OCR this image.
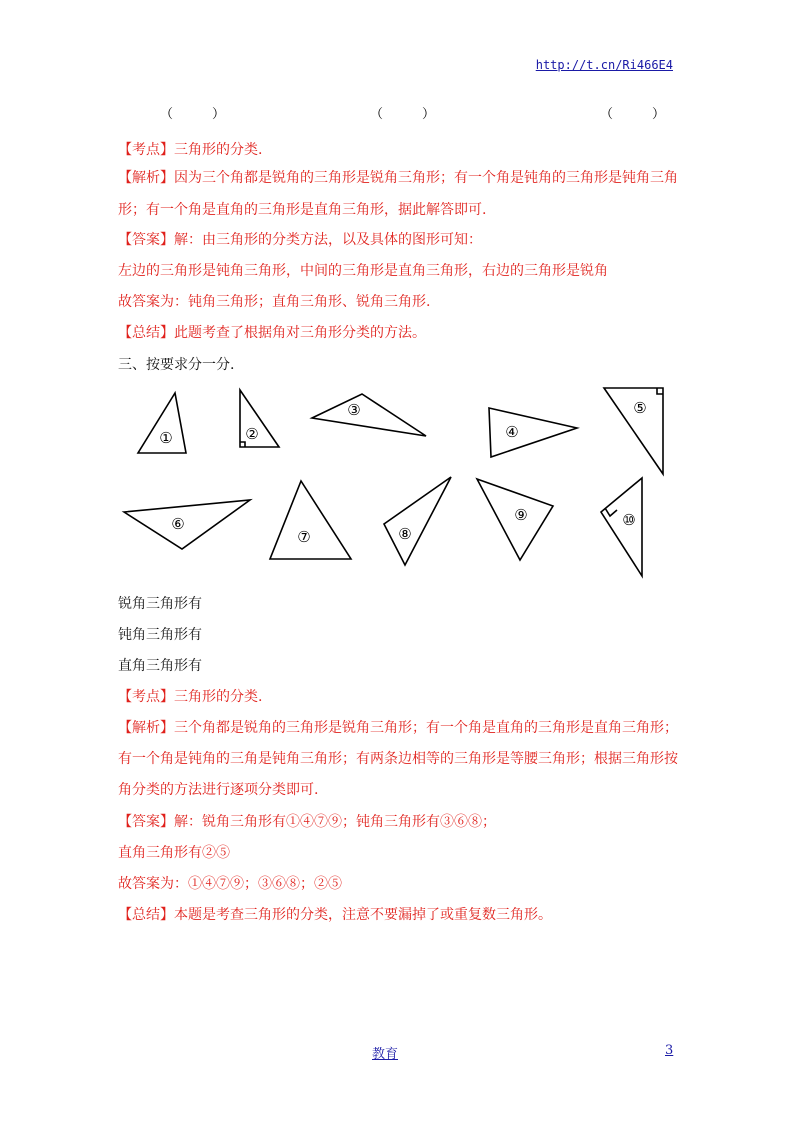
http://t.cn/Ri466E4
（　　　）	（　　　）	（　　　）
【考点】三角形的分类.
【解析】因为三个角都是锐角的三角形是锐角三角形；有一个角是钝角的三角形是钝角三角
形；有一个角是直角的三角形是直角三角形，据此解答即可.
【答案】解：由三角形的分类方法，以及具体的图形可知：
左边的三角形是钝角三角形，中间的三角形是直角三角形，右边的三角形是锐角
故答案为：钝角三角形；直角三角形、锐角三角形.
【总结】此题考查了根据角对三角形分类的方法。
三、按要求分一分.
①	②
③
④
⑤
⑥
⑦	⑧
⑨	⑩
锐角三角形有
钝角三角形有
直角三角形有
【考点】三角形的分类.
【解析】三个角都是锐角的三角形是锐角三角形；有一个角是直角的三角形是直角三角形；
有一个角是钝角的三角是钝角三角形；有两条边相等的三角形是等腰三角形；根据三角形按
角分类的方法进行逐项分类即可.
【答案】解：锐角三角形有①④⑦⑨；钝角三角形有③⑥⑧；
直角三角形有②⑤
故答案为：①④⑦⑨；③⑥⑧；②⑤
【总结】本题是考查三角形的分类，注意不要漏掉了或重复数三角形。
教育	3
